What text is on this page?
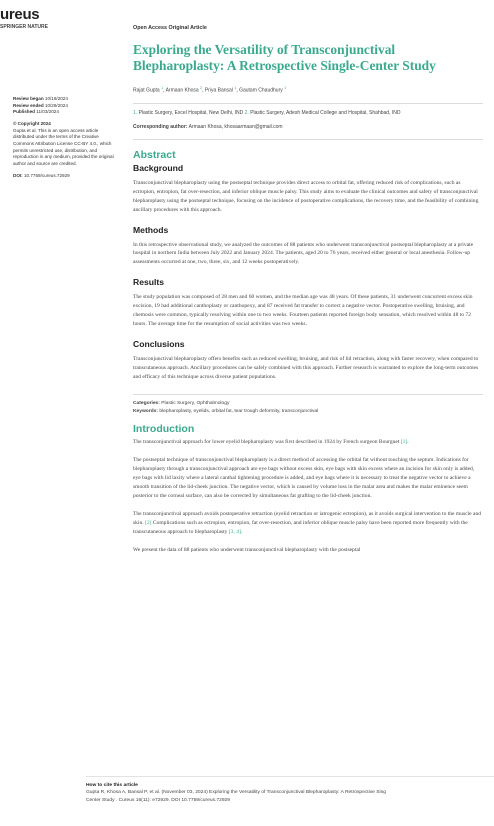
ureus
SPRINGER NATURE
Review began 10/19/2024
Review ended 10/29/2024
Published 11/03/2024
© Copyright 2024
Gupta et al. This is an open access article distributed under the terms of the Creative Commons Attribution License CC-BY 4.0., which permits unrestricted use, distribution, and reproduction in any medium, provided the original author and source are credited.
DOI: 10.7759/cureus.72929
Open Access Original Article
Exploring the Versatility of Transconjunctival Blepharoplasty: A Retrospective Single-Center Study
Rajat Gupta $^1$, Armaan Khosa $^2$, Priya Bansal $^1$, Gautam Chaudhury $^1$
1. Plastic Surgery, Excel Hospital, New Delhi, IND 2. Plastic Surgery, Adesh Medical College and Hospital, Shahbad, IND
Corresponding author: Armaan Khosa, khosaarmaan@gmail.com
Abstract
Background

Transconjunctival blepharoplasty using the postseptal technique provides direct access to orbital fat, offering reduced risk of complications, such as ectropion, entropion, fat over-resection, and inferior oblique muscle palsy. This study aims to evaluate the clinical outcomes and safety of transconjunctival blepharoplasty using the postseptal technique, focusing on the incidence of postoperative complications, the recovery time, and the feasibility of combining ancillary procedures with this approach.

Methods

In this retrospective observational study, we analyzed the outcomes of 88 patients who underwent transconjunctival postseptal blepharoplasty at a private hospital in northern India between July 2022 and January 2024. The patients, aged 20 to 76 years, received either general or local anesthesia. Follow-up assessments occurred at one, two, three, six, and 12 weeks postoperatively.

Results

The study population was composed of 28 men and 60 women, and the median age was 48 years. Of these patients, 31 underwent concurrent excess skin excision, 19 had additional canthoplasty or canthopexy, and 87 received fat transfer to correct a negative vector. Postoperative swelling, bruising, and chemosis were common, typically resolving within one to two weeks. Fourteen patients reported foreign body sensation, which resolved within 48 to 72 hours. The average time for the resumption of social activities was two weeks.

Conclusions

Transconjunctival blepharoplasty offers benefits such as reduced swelling, bruising, and risk of lid retraction, along with faster recovery, when compared to transcutaneous approach. Ancillary procedures can be safely combined with this approach. Further research is warranted to explore the long-term outcomes and efficacy of this technique across diverse patient populations.

Categories: Plastic Surgery, Ophthalmology
Keywords: blepharoplasty, eyelids, orbital fat, tear trough deformity, transconjunctival
Introduction

The transconjunctival approach for lower eyelid blepharoplasty was first described in 1924 by French surgeon Bourguet [1].

The postseptal technique of transconjunctival blepharoplasty is a direct method of accessing the orbital fat without touching the septum. Indications for blepharoplasty through a transconjunctival approach are eye bags without excess skin, eye bags with skin excess where an incision for skin only is added, eye bags with lid laxity where a lateral canthal tightening procedure is added, and eye bags where it is necessary to treat the negative vector to achieve a smooth transition of the lid-cheek junction. The negative vector, which is caused by volume loss in the malar area and makes the malar eminence seem posterior to the corneal surface, can also be corrected by simultaneous fat grafting to the lid-cheek junction.

The transconjunctival approach avoids postoperative retraction (eyelid retraction or iatrogenic ectropion), as it avoids surgical intervention to the muscle and skin. [2] Complications such as ectropion, entropion, fat over-resection, and inferior oblique muscle palsy have been reported more frequently with the transcutaneous approach to blepharoplasty [3, 4].

We present the data of 88 patients who underwent transconjunctival blepharoplasty with the postseptal

How to cite this article
Gupta R, Khosa A, Bansal P, et al. (November 03, 2024) Exploring the Versatility of Transconjunctival Blepharoplasty: A Retrospective Sing
Center Study . Cureus 16(11): e72929. DOI 10.7759/cureus.72929
